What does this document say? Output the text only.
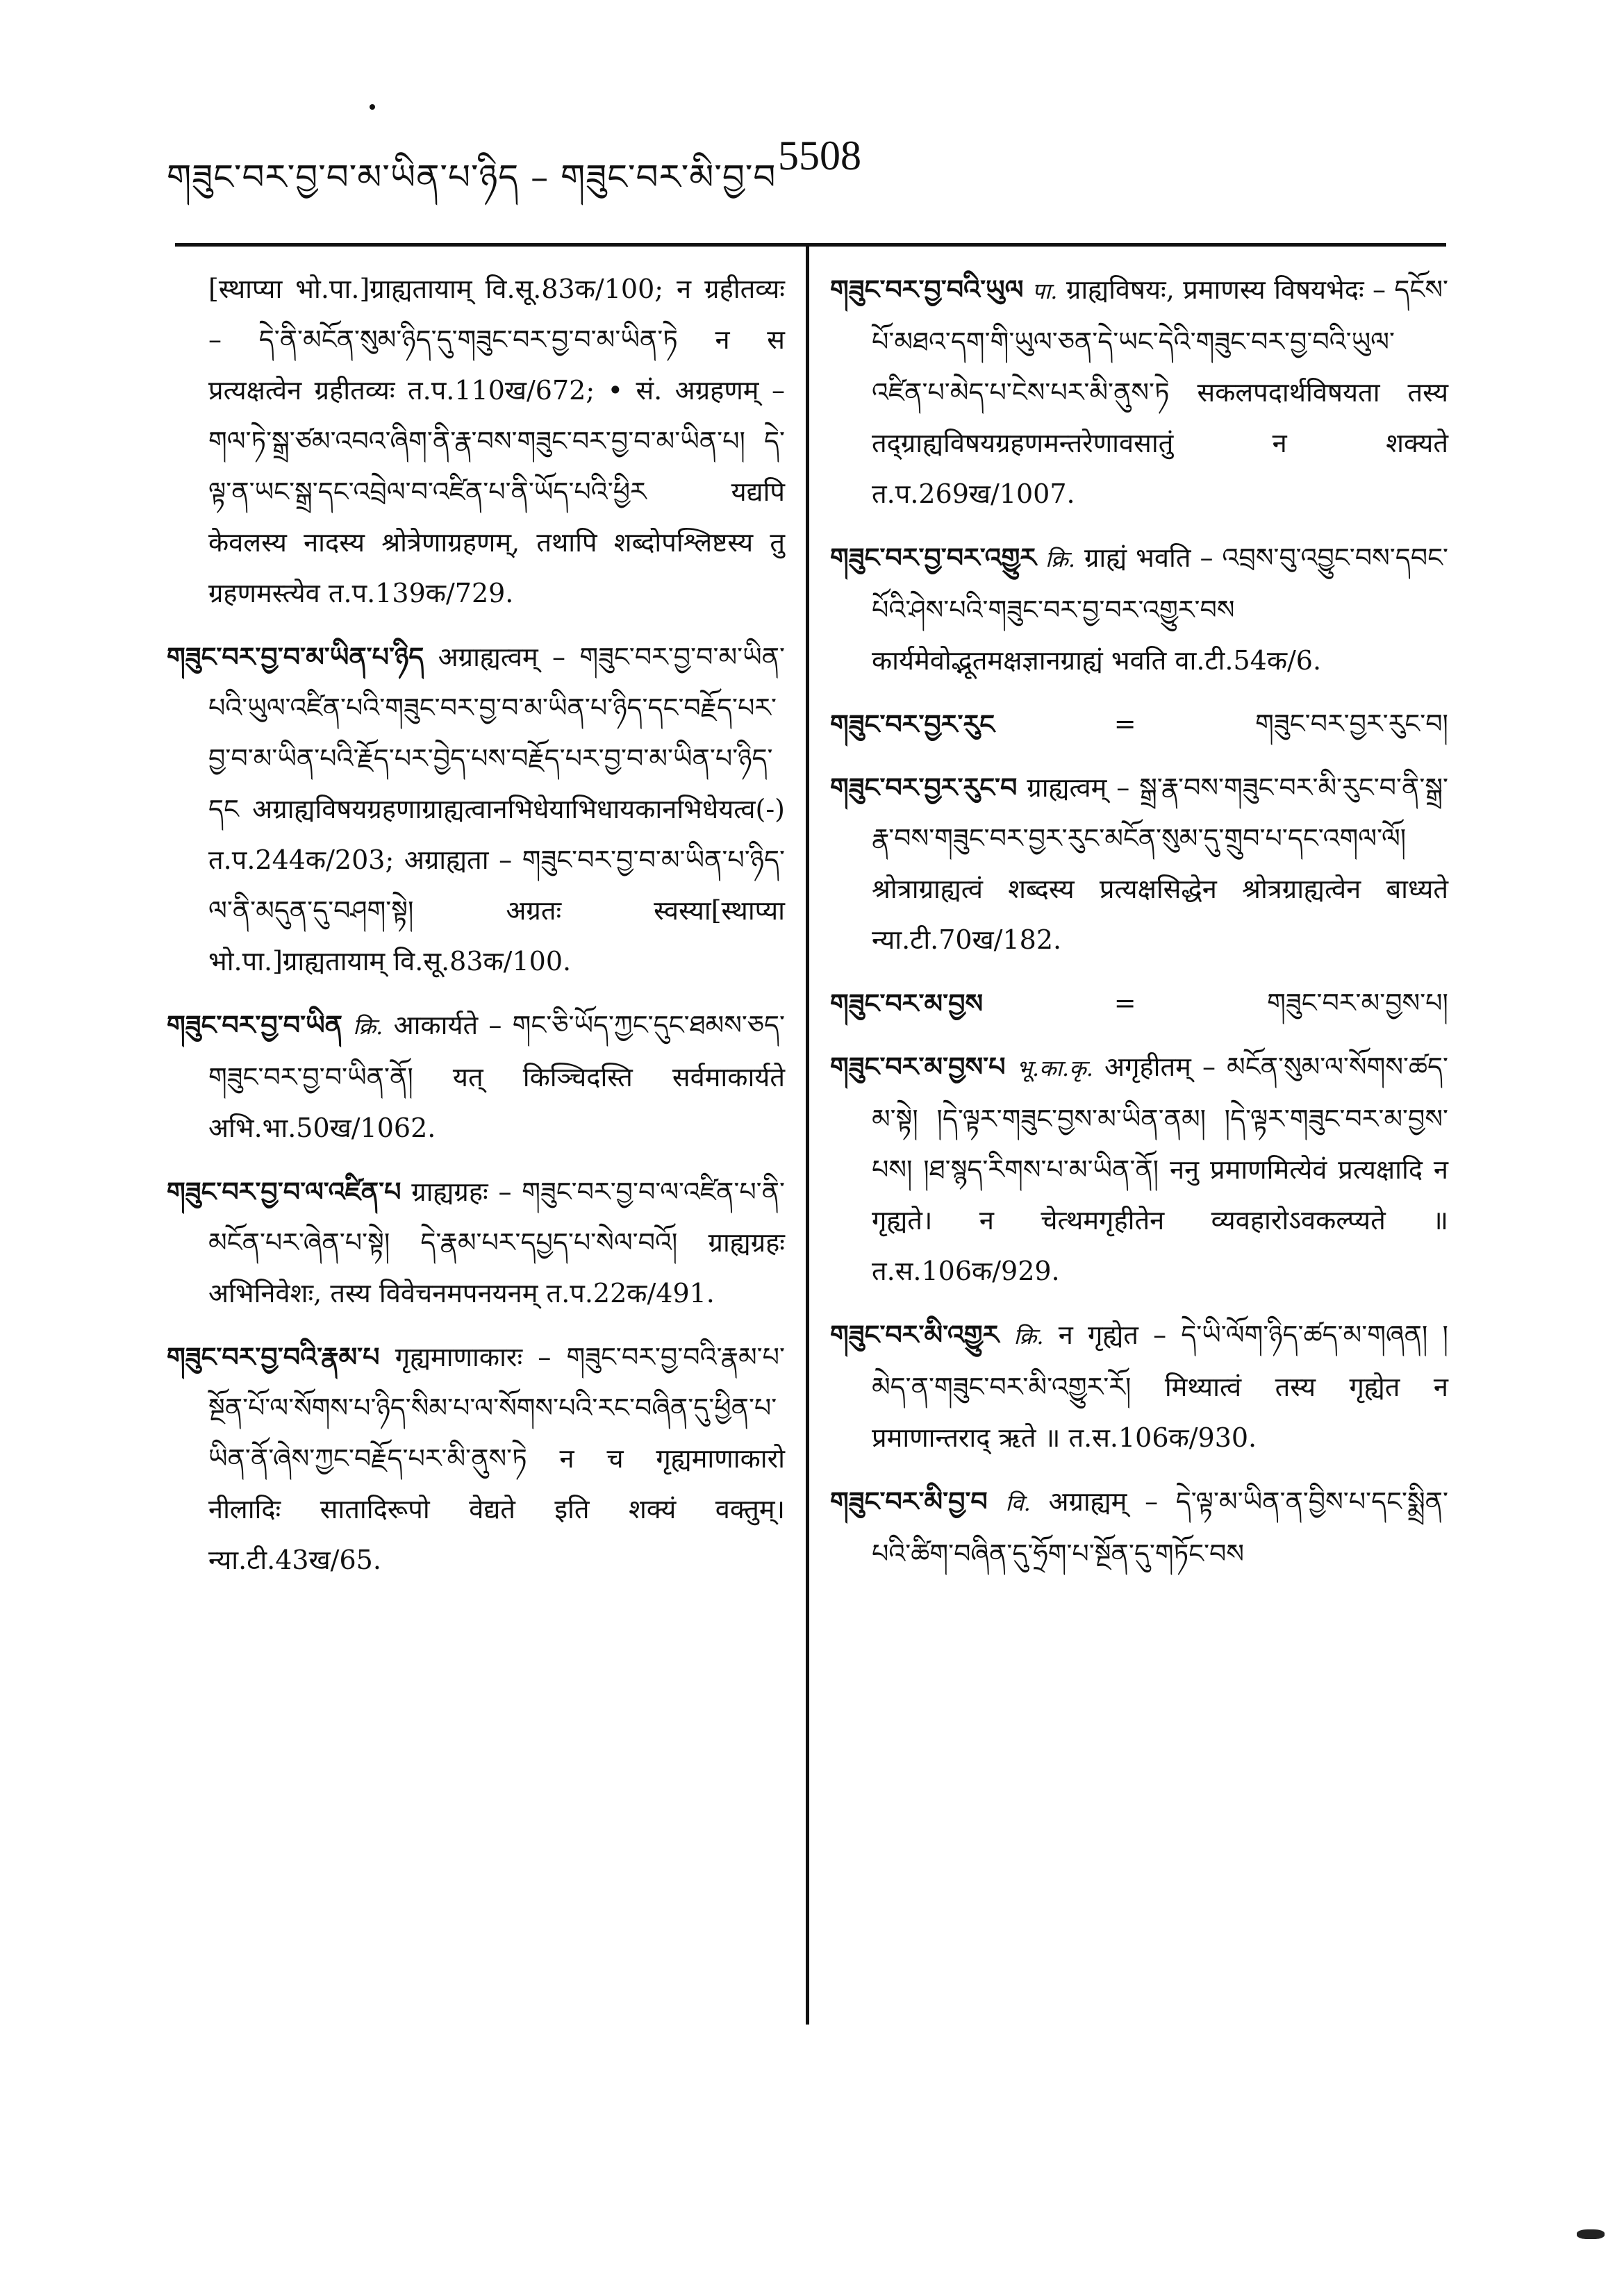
གཟུང་བར་བྱ་བ་མ་ཡིན་པ་ཉིད – གཟུང་བར་མི་བྱ་བ 5508
[स्थाप्या भो.पा.]ग्राह्यतायाम् वि.सू.83क/100; न ग्रहीतव्यः – དེ་ནི་མངོན་སུམ་ཉིད་དུ་གཟུང་བར་བྱ་བ་མ་ཡིན་ཏེ न स प्रत्यक्षत्वेन ग्रहीतव्यः त.प.110ख/672; • सं. अग्रहणम् – གལ་ཏེ་སྒྲ་ཙམ་འབའ་ཞིག་ནི་རྣ་བས་གཟུང་བར་བྱ་བ་མ་ཡིན་པ། དེ་ལྟ་ན་ཡང་སྒྲ་དང་འབྲེལ་བ་འཛིན་པ་ནི་ཡོད་པའི་ཕྱིར यद्यपि केवलस्य नादस्य श्रोत्रेणाग्रहणम्, तथापि शब्दोपश्लिष्टस्य तु ग्रहणमस्त्येव त.प.139क/729.
གཟུང་བར་བྱ་བ་མ་ཡིན་པ་ཉིད अग्राह्यत्वम् – གཟུང་བར་བྱ་བ་མ་ཡིན་པའི་ཡུལ་འཛིན་པའི་གཟུང་བར་བྱ་བ་མ་ཡིན་པ་ཉིད་དང་བརྗོད་པར་བྱ་བ་མ་ཡིན་པའི་རྗོད་པར་བྱེད་པས་བརྗོད་པར་བྱ་བ་མ་ཡིན་པ་ཉིད་དང अग्राह्यविषयग्रहणाग्राह्यत्वानभिधेयाभिधायकानभिधेयत्व(-) त.प.244क/203; अग्राह्यता – གཟུང་བར་བྱ་བ་མ་ཡིན་པ་ཉིད་ལ་ནི་མདུན་དུ་བཤག་སྟེ། अग्रतः स्वस्या[स्थाप्या भो.पा.]ग्राह्यतायाम् वि.सू.83क/100.
གཟུང་བར་བྱ་བ་ཡིན क्रि. आकार्यते – གང་ཅི་ཡོད་ཀྱང་དུང་ཐམས་ཅད་གཟུང་བར་བྱ་བ་ཡིན་ནོ། यत् किञ्चिदस्ति सर्वमाकार्यते अभि.भा.50ख/1062.
གཟུང་བར་བྱ་བ་ལ་འཛིན་པ ग्राह्यग्रहः – གཟུང་བར་བྱ་བ་ལ་འཛིན་པ་ནི་མངོན་པར་ཞེན་པ་སྟེ། དེ་རྣམ་པར་དཔྱད་པ་སེལ་བའོ། ग्राह्यग्रहः अभिनिवेशः, तस्य विवेचनमपनयनम् त.प.22क/491.
གཟུང་བར་བྱ་བའི་རྣམ་པ गृह्यमाणाकारः – གཟུང་བར་བྱ་བའི་རྣམ་པ་སྔོན་པོ་ལ་སོགས་པ་ཉིད་སིམ་པ་ལ་སོགས་པའི་རང་བཞིན་དུ་ཕྱིན་པ་ཡིན་ནོ་ཞེས་ཀྱང་བརྗོད་པར་མི་ནུས་ཏེ न च गृह्यमाणाकारो नीलादिः सातादिरूपो वेद्यते इति शक्यं वक्तुम्। न्या.टी.43ख/65.
གཟུང་བར་བྱ་བའི་ཡུལ पा. ग्राह्यविषयः, प्रमाणस्य विषयभेदः – དངོས་པོ་མཐའ་དག་གི་ཡུལ་ཅན་དེ་ཡང་དེའི་གཟུང་བར་བྱ་བའི་ཡུལ་འཛིན་པ་མེད་པ་ངེས་པར་མི་ནུས་ཏེ सकलपदार्थविषयता तस्य तद्ग्राह्यविषयग्रहणमन्तरेणावसातुं न शक्यते त.प.269ख/1007.
གཟུང་བར་བྱ་བར་འགྱུར क्रि. ग्राह्यं भवति – འབྲས་བུ་འབྱུང་བས་དབང་པོའི་ཤེས་པའི་གཟུང་བར་བྱ་བར་འགྱུར་བས कार्यमेवोद्भूतमक्षज्ञानग्राह्यं भवति वा.टी.54क/6.
གཟུང་བར་བྱར་རུང	=	གཟུང་བར་བྱར་རུང་བ།
གཟུང་བར་བྱར་རུང་བ ग्राह्यत्वम् – སྒྲ་རྣ་བས་གཟུང་བར་མི་རུང་བ་ནི་སྒྲ་རྣ་བས་གཟུང་བར་བྱར་རུང་མངོན་སུམ་དུ་གྲུབ་པ་དང་འགལ་ལོ། श्रोत्राग्राह्यत्वं शब्दस्य प्रत्यक्षसिद्धेन श्रोत्रग्राह्यत्वेन बाध्यते न्या.टी.70ख/182.
གཟུང་བར་མ་བྱས	=	གཟུང་བར་མ་བྱས་པ།
གཟུང་བར་མ་བྱས་པ भू.का.कृ. अगृहीतम् – མངོན་སུམ་ལ་སོགས་ཚད་མ་སྟེ། །དེ་ལྟར་གཟུང་བྱས་མ་ཡིན་ནམ། །དེ་ལྟར་གཟུང་བར་མ་བྱས་པས། །ཐ་སྙད་རིགས་པ་མ་ཡིན་ནོ། ननु प्रमाणमित्येवं प्रत्यक्षादि न गृह्यते। न चेत्थमगृहीतेन व्यवहारोऽवकल्प्यते ॥ त.स.106क/929.
གཟུང་བར་མི་འགྱུར क्रि. न गृह्येत – དེ་ཡི་ལོག་ཉིད་ཚད་མ་གཞན། །མེད་ན་གཟུང་བར་མི་འགྱུར་རོ། मिथ्यात्वं तस्य गृह्येत न प्रमाणान्तराद् ऋते ॥ त.स.106क/930.
གཟུང་བར་མི་བྱ་བ वि. अग्राह्यम् – དེ་ལྟ་མ་ཡིན་ན་བྱིས་པ་དང་སྨྲིན་པའི་ཚིག་བཞིན་དུ་ཧྲོག་པ་སྔོན་དུ་གཏོང་བས
